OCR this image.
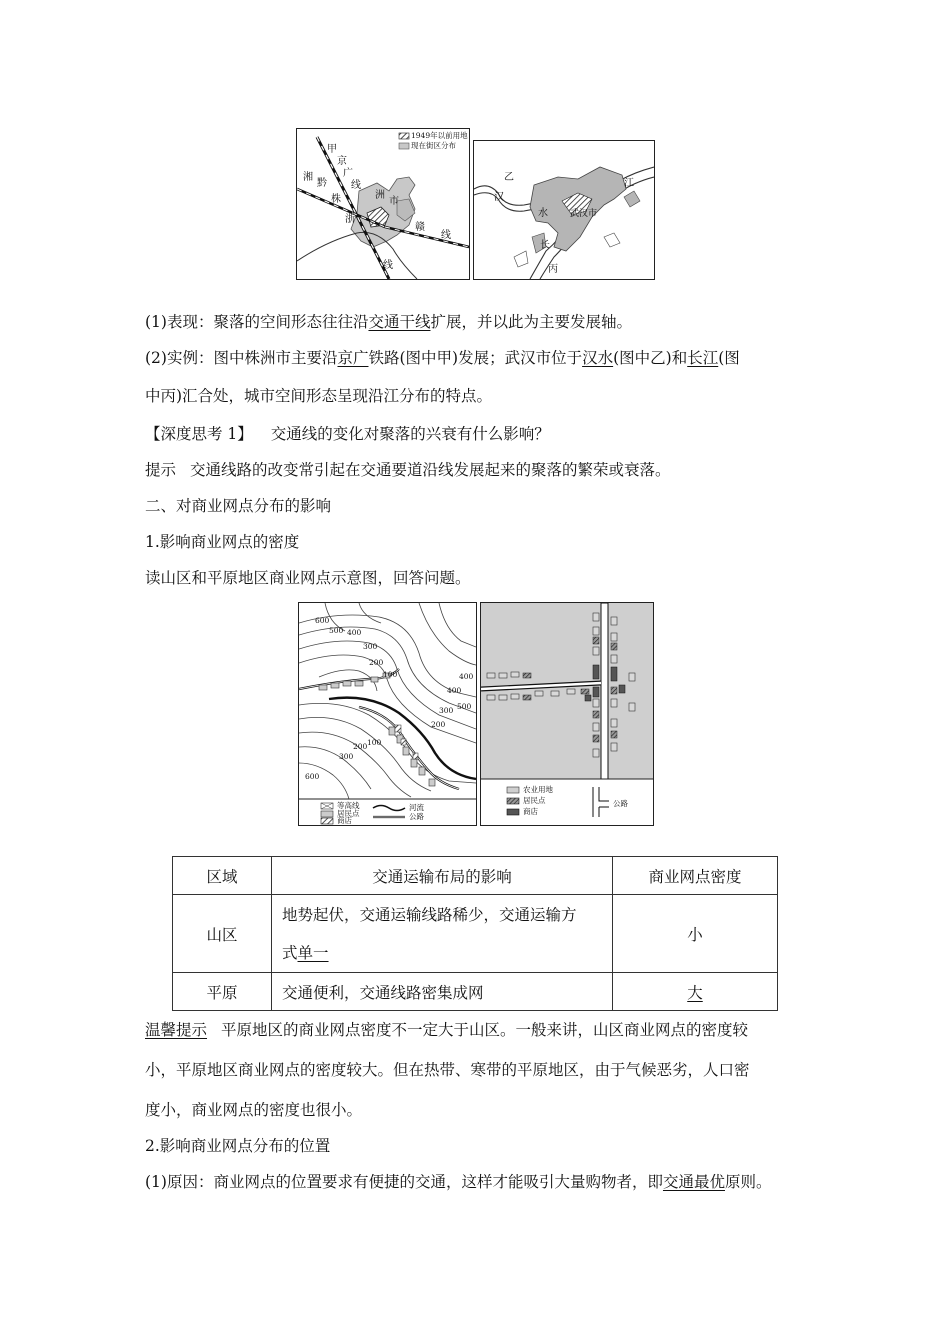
1949年以前用地
现在街区分布
甲
京
广
湘
黔 线
株	洲
市
浙
赣
线
线
乙
汉
水
江
武汉市
长
丙
(1)表现：聚落的空间形态往往沿交通干线扩展，并以此为主要发展轴。
(2)实例：图中株洲市主要沿京广铁路(图中甲)发展；武汉市位于汉水(图中乙)和长江(图
中丙)汇合处，城市空间形态呈现沿江分布的特点。
【深度思考 1】 交通线的变化对聚落的兴衰有什么影响？
提示 交通线路的改变常引起在交通要道沿线发展起来的聚落的繁荣或衰落。
二、对商业网点分布的影响
1.影响商业网点的密度
读山区和平原地区商业网点示意图，回答问题。
600
500 400
300
200
100
100
200
300
400
500
400
300
200
600
等高线
居民点
商店
河流
公路
农业用地
居民点
商店
公路
区域	交通运输布局的影响	商业网点密度
山区	地势起伏，交通运输线路稀少，交通运输方
式单一	小
平原	交通便利，交通线路密集成网	大
温馨提示 平原地区的商业网点密度不一定大于山区。一般来讲，山区商业网点的密度较
小，平原地区商业网点的密度较大。但在热带、寒带的平原地区，由于气候恶劣，人口密
度小，商业网点的密度也很小。
2.影响商业网点分布的位置
(1)原因：商业网点的位置要求有便捷的交通，这样才能吸引大量购物者，即交通最优原则。
